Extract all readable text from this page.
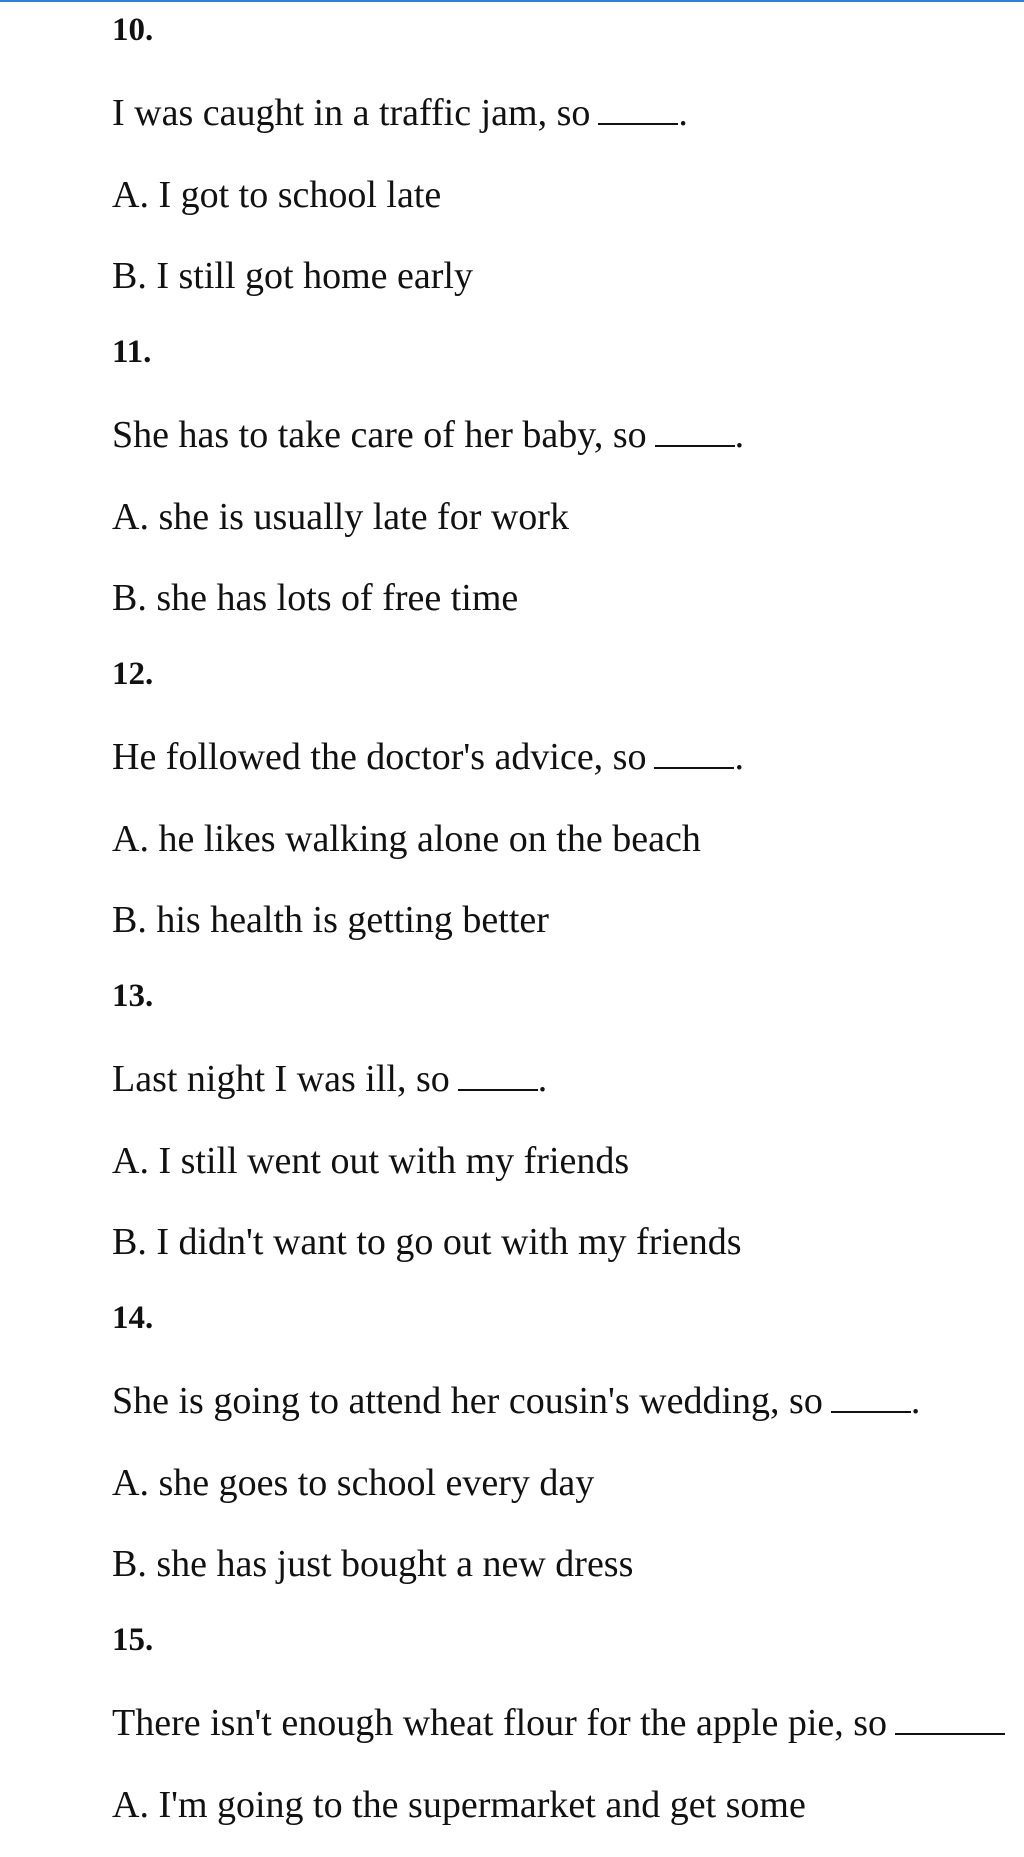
10.

I was caught in a traffic jam, so .

A. I got to school late

B. I still got home early

11.

She has to take care of her baby, so .

A. she is usually late for work

B. she has lots of free time

12.

He followed the doctor's advice, so .

A. he likes walking alone on the beach

B. his health is getting better

13.

Last night I was ill, so .

A. I still went out with my friends

B. I didn't want to go out with my friends

14.

She is going to attend her cousin's wedding, so .

A. she goes to school every day

B. she has just bought a new dress

15.

There isn't enough wheat flour for the apple pie, so

A. I'm going to the supermarket and get some
